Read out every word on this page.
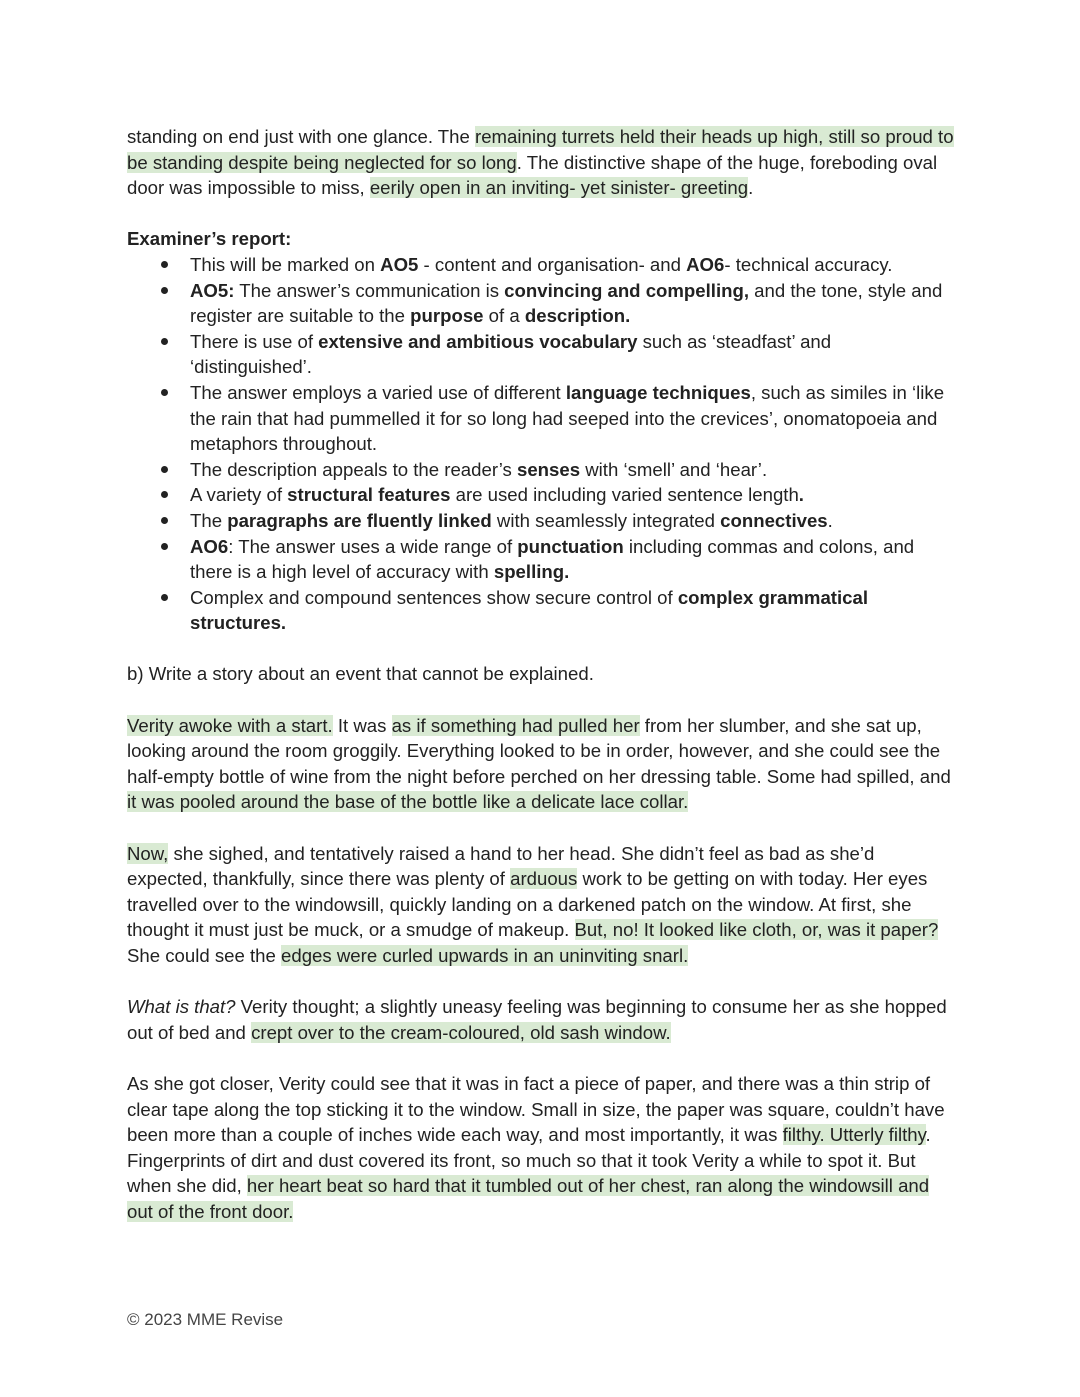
standing on end just with one glance. The remaining turrets held their heads up high, still so proud to be standing despite being neglected for so long. The distinctive shape of the huge, foreboding oval door was impossible to miss, eerily open in an inviting- yet sinister- greeting.

Examiner’s report:

This will be marked on AO5 - content and organisation- and AO6- technical accuracy.
AO5: The answer’s communication is convincing and compelling, and the tone, style and register are suitable to the purpose of a description.
There is use of extensive and ambitious vocabulary such as ‘steadfast’ and ‘distinguished’.
The answer employs a varied use of different language techniques, such as similes in ‘like the rain that had pummelled it for so long had seeped into the crevices’, onomatopoeia and metaphors throughout.
The description appeals to the reader’s senses with ‘smell’ and ‘hear’.
A variety of structural features are used including varied sentence length.
The paragraphs are fluently linked with seamlessly integrated connectives.
AO6: The answer uses a wide range of punctuation including commas and colons, and there is a high level of accuracy with spelling.
Complex and compound sentences show secure control of complex grammatical structures.

b) Write a story about an event that cannot be explained.

Verity awoke with a start. It was as if something had pulled her from her slumber, and she sat up, looking around the room groggily. Everything looked to be in order, however, and she could see the half-empty bottle of wine from the night before perched on her dressing table. Some had spilled, and it was pooled around the base of the bottle like a delicate lace collar.

Now, she sighed, and tentatively raised a hand to her head. She didn’t feel as bad as she’d expected, thankfully, since there was plenty of arduous work to be getting on with today. Her eyes travelled over to the windowsill, quickly landing on a darkened patch on the window. At first, she thought it must just be muck, or a smudge of makeup. But, no! It looked like cloth, or, was it paper? She could see the edges were curled upwards in an uninviting snarl.

What is that? Verity thought; a slightly uneasy feeling was beginning to consume her as she hopped out of bed and crept over to the cream-coloured, old sash window.

As she got closer, Verity could see that it was in fact a piece of paper, and there was a thin strip of clear tape along the top sticking it to the window. Small in size, the paper was square, couldn’t have been more than a couple of inches wide each way, and most importantly, it was filthy. Utterly filthy. Fingerprints of dirt and dust covered its front, so much so that it took Verity a while to spot it. But when she did, her heart beat so hard that it tumbled out of her chest, ran along the windowsill and out of the front door.

© 2023 MME Revise
